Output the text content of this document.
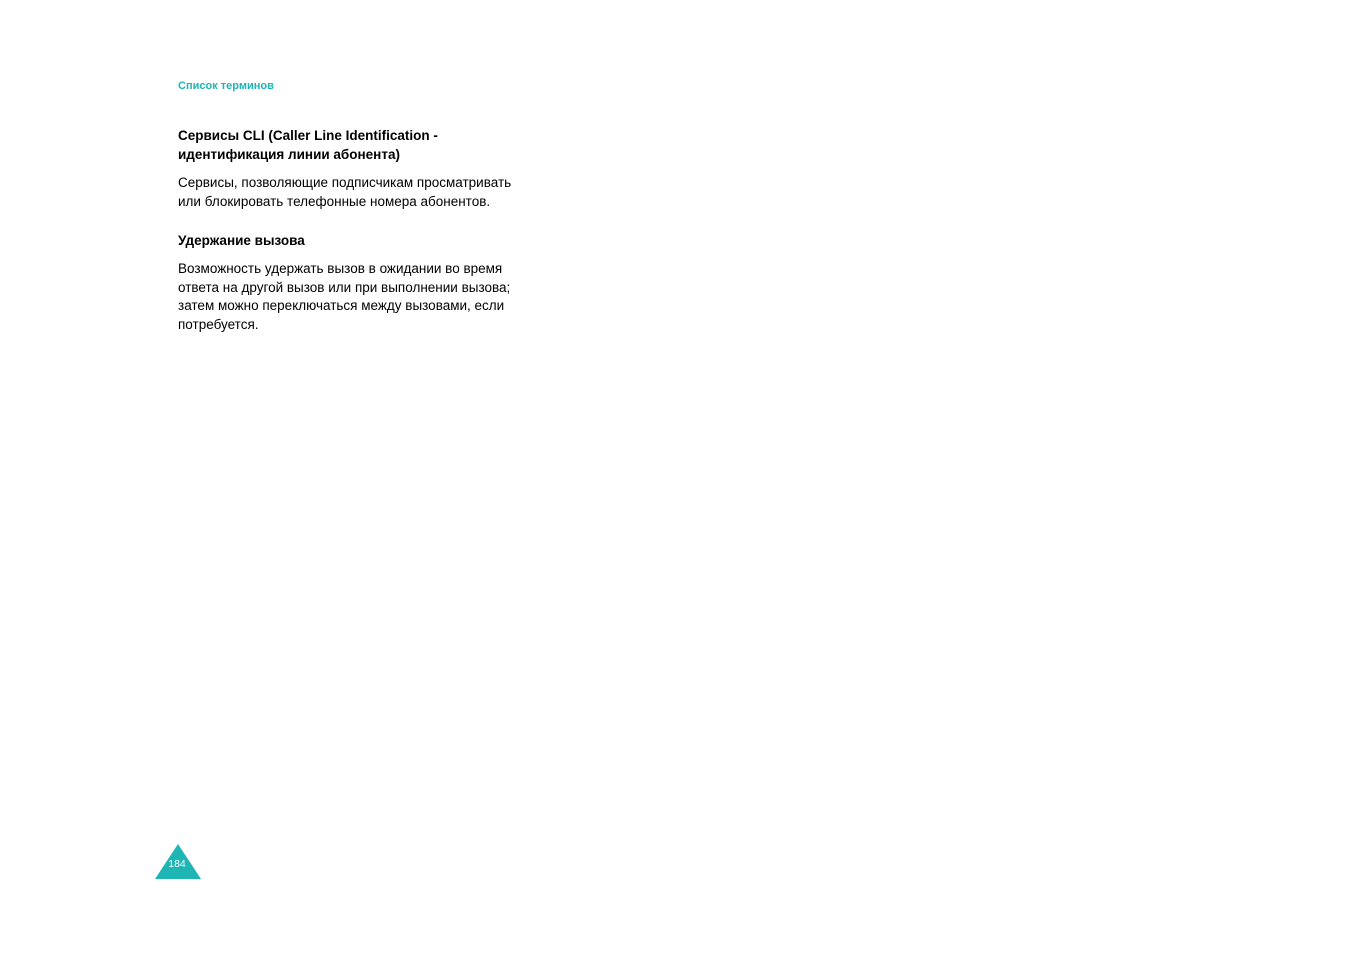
Список терминов

Сервисы CLI (Caller Line Identification -
идентификация линии абонента)

Сервисы, позволяющие подписчикам просматривать
или блокировать телефонные номера абонентов.

Удержание вызова

Возможность удержать вызов в ожидании во время
ответа на другой вызов или при выполнении вызова;
затем можно переключаться между вызовами, если
потребуется.

184
